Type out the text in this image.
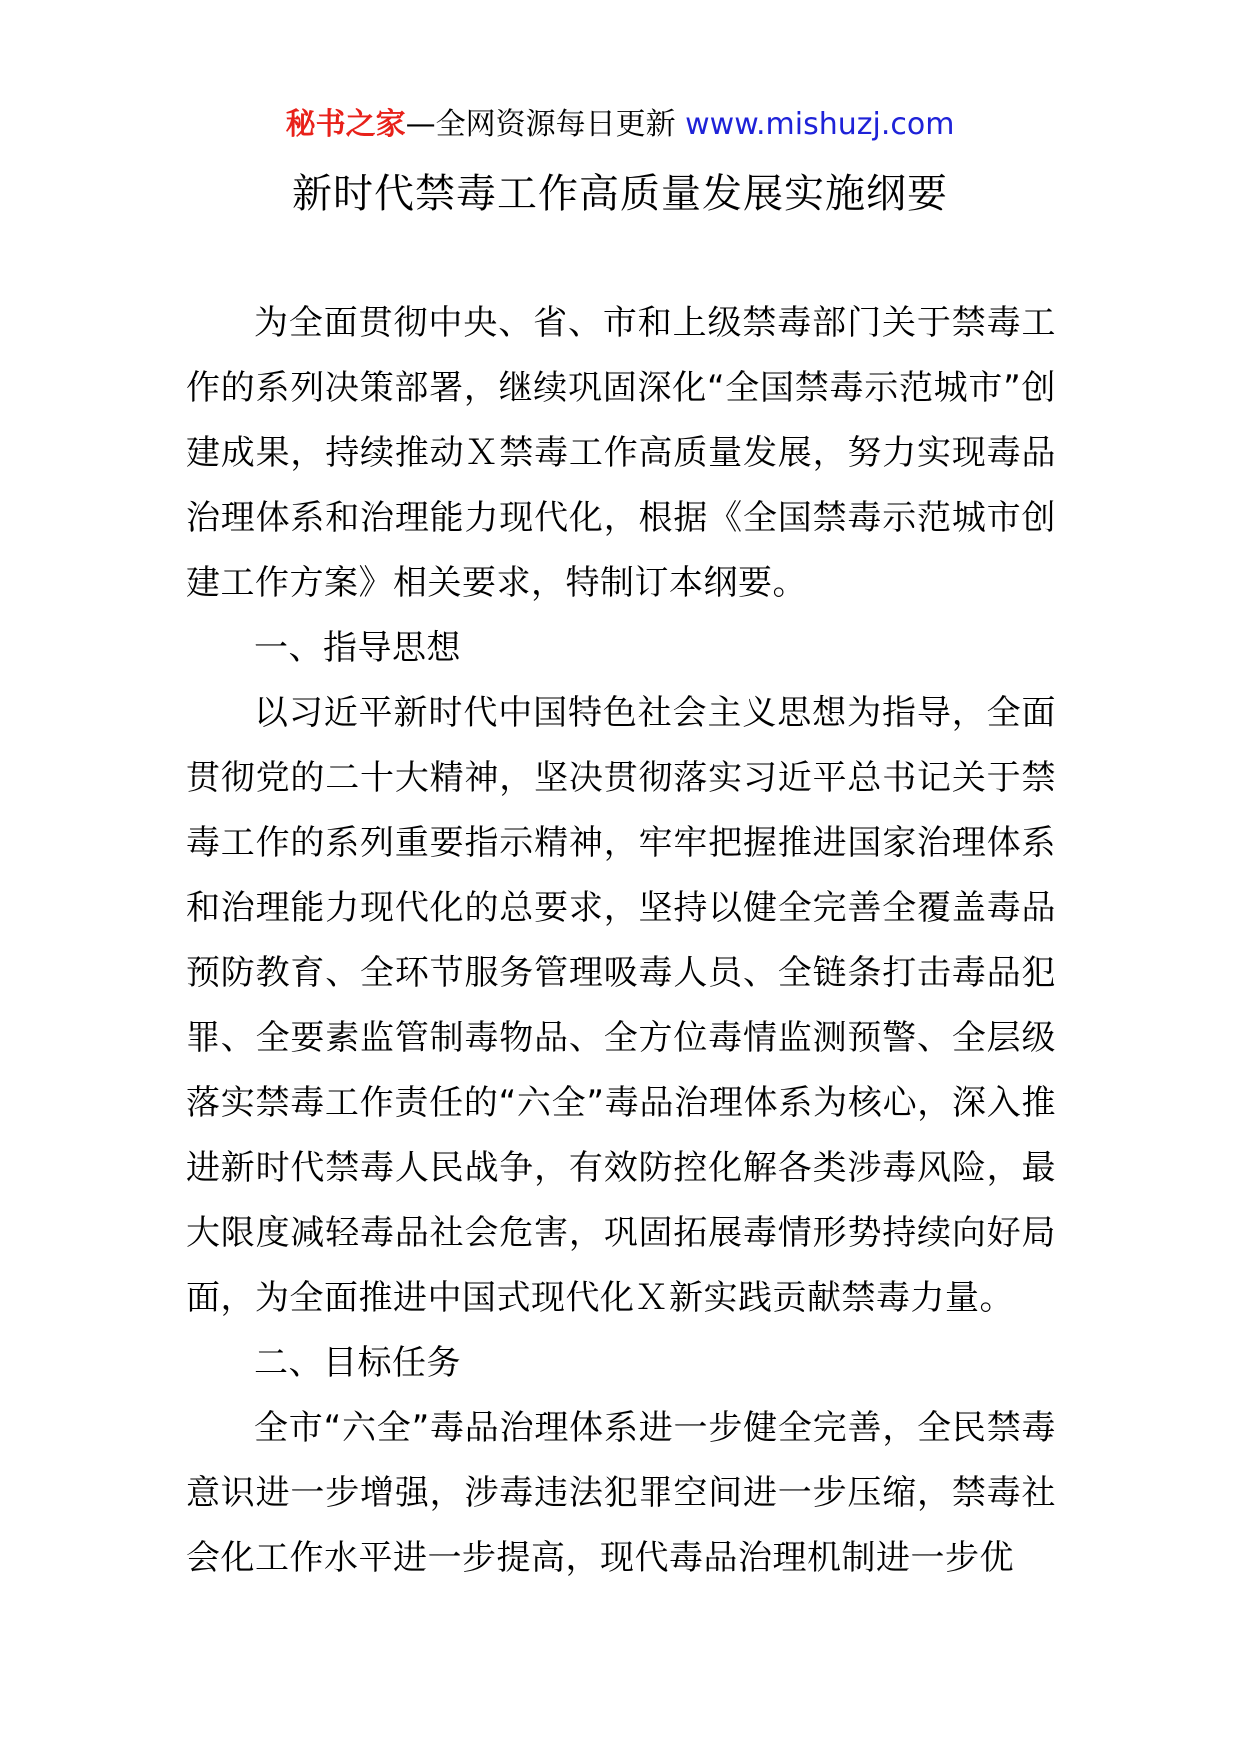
秘书之家—全网资源每日更新 www.mishuzj.com
新时代禁毒工作高质量发展实施纲要

为全面贯彻中央、省、市和上级禁毒部门关于禁毒工作的系列决策部署，继续巩固深化“全国禁毒示范城市”创建成果，持续推动Ｘ禁毒工作高质量发展，努力实现毒品治理体系和治理能力现代化，根据《全国禁毒示范城市创建工作方案》相关要求，特制订本纲要。

一、指导思想

以习近平新时代中国特色社会主义思想为指导，全面贯彻党的二十大精神，坚决贯彻落实习近平总书记关于禁毒工作的系列重要指示精神，牢牢把握推进国家治理体系和治理能力现代化的总要求，坚持以健全完善全覆盖毒品预防教育、全环节服务管理吸毒人员、全链条打击毒品犯罪、全要素监管制毒物品、全方位毒情监测预警、全层级落实禁毒工作责任的“六全”毒品治理体系为核心，深入推进新时代禁毒人民战争，有效防控化解各类涉毒风险，最大限度减轻毒品社会危害，巩固拓展毒情形势持续向好局面，为全面推进中国式现代化Ｘ新实践贡献禁毒力量。

二、目标任务

全市“六全”毒品治理体系进一步健全完善，全民禁毒意识进一步增强，涉毒违法犯罪空间进一步压缩，禁毒社会化工作水平进一步提高，现代毒品治理机制进一步优
